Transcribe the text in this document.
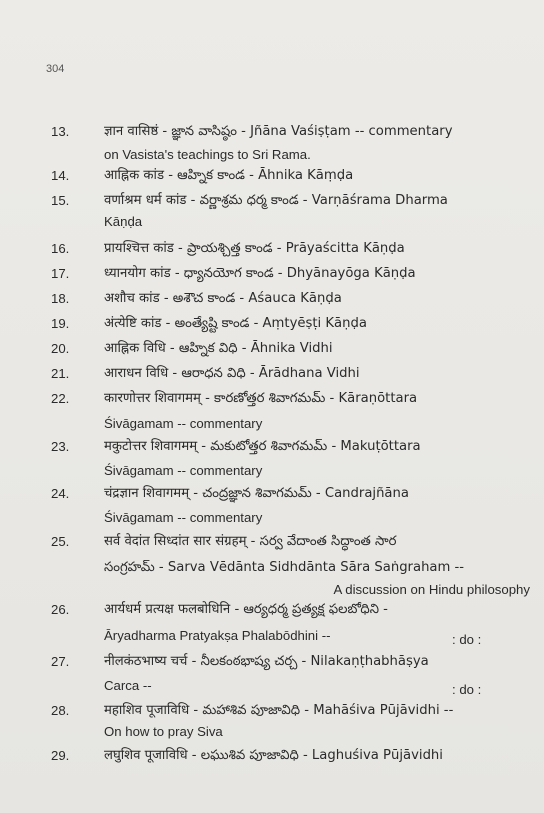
304
13.	ज्ञान वासिष्ठं - జ్ఞాన వాసిష్ఠం - Jñāna Vaśiṣṭam -- commentary
on Vasista's teachings to Sri Rama.
14.	आह्निक कांड - ఆహ్నిక కాండ - Āhnika Kāṃḍa
15.	वर्णाश्रम धर्म कांड - వర్ణాశ్రమ ధర్మ కాండ - Varṇāśrama Dharma
Kāṇḍa
16.	प्रायश्चित्त कांड - ప్రాయశ్చిత్త కాండ - Prāyaścitta Kāṇḍa
17.	ध्यानयोग कांड - ధ్యానయోగ కాండ - Dhyānayōga Kāṇḍa
18.	अशौच कांड - అశౌచ కాండ - Aśauca Kāṇḍa
19.	अंत्येष्टि कांड - అంత్యేష్టి కాండ - Aṃtyēṣṭi Kāṇḍa
20.	आह्निक विधि - ఆహ్నిక విధి - Āhnika Vidhi
21.	आराधन विधि - ఆరాధన విధి - Ārādhana Vidhi
22.	कारणोत्तर शिवागमम् - కారణోత్తర శివాగమమ్ - Kāraṇōttara
Śivāgamam -- commentary
23.	मकुटोत्तर शिवागमम् - మకుటోత్తర శివాగమమ్ - Makuṭōttara
Śivāgamam -- commentary
24.	चंद्रज्ञान शिवागमम् - చంద్రజ్ఞాన శివాగమమ్ - Candrajñāna
Śivāgamam -- commentary
25.	सर्व वेदांत सिध्दांत सार संग्रहम् - సర్వ వేదాంత సిద్ధాంత సార
సంగ్రహమ్ - Sarva Vēdānta Sidhdānta Sāra Saṅgraham --
A discussion on Hindu philosophy
26.	आर्यधर्म प्रत्यक्ष फलबोधिनि - ఆర్యధర్మ ప్రత్యక్ష ఫలబోధిని -
Āryadharma Pratyakṣa Phalabōdhini --	: do :
27.	नीलकंठभाष्य चर्च - నీలకంఠభాష్య చర్చ - Nilakaṇṭhabhāṣya
Carca --	: do :
28.	महाशिव पूजाविधि - మహాశివ పూజావిధి - Mahāśiva Pūjāvidhi --
On how to pray Siva
29.	लघुशिव पूजाविधि - లఘుశివ పూజావిధి - Laghuśiva Pūjāvidhi
